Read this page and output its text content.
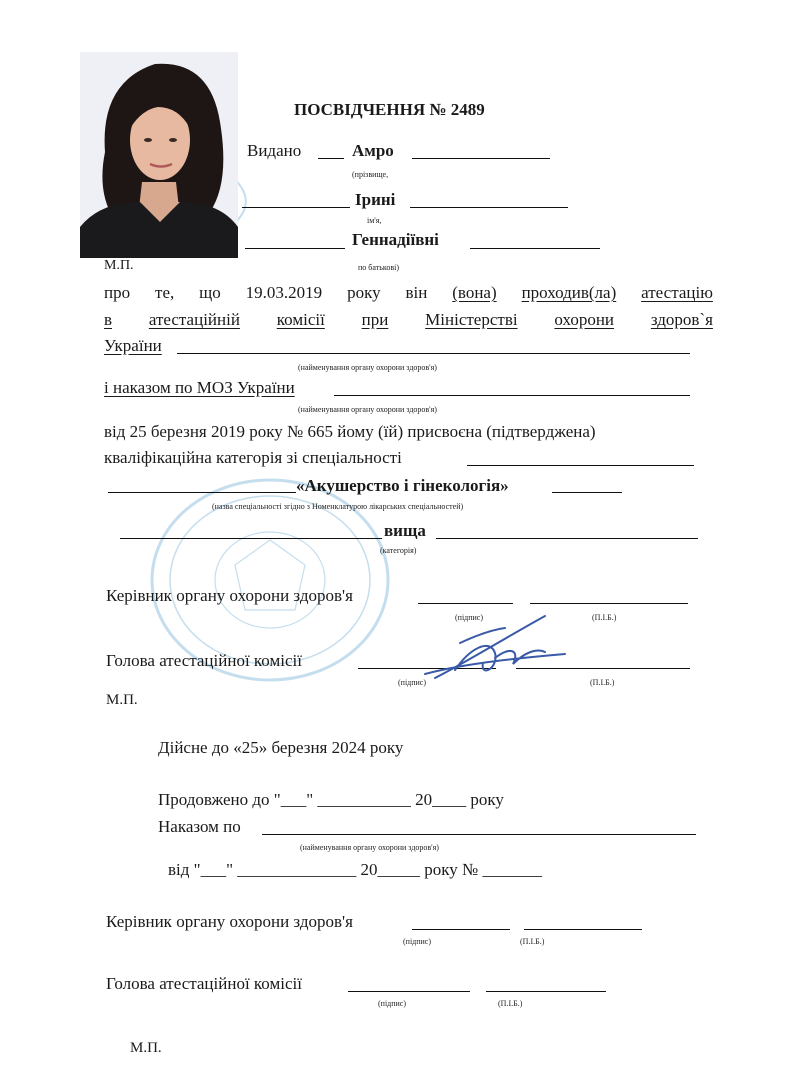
ПОСВІДЧЕННЯ № 2489
Видано	Амро
(прізвище,
Ірині
ім'я,
Геннадіївні
по батькові)
М.П.
про те, що 19.03.2019 року він (вона) проходив(ла) атестацію
в атестаційній комісії при Міністерстві охорони здоров`я
України
(найменування органу охорони здоров'я)
і наказом по МОЗ України
(найменування органу охорони здоров'я)
від 25 березня 2019 року № 665 йому (їй) присвоєна (підтверджена)
кваліфікаційна категорія зі спеціальності
«Акушерство і гінекологія»
(назва спеціальності згідно з Номенклатурою лікарських спеціальностей)
вища
(категорія)
Керівник органу охорони здоров'я
(підпис)	(П.І.Б.)
Голова атестаційної комісії
(підпис)	(П.І.Б.)
М.П.
Дійсне до «25» березня 2024 року
Продовжено до "___" ___________ 20____ року
Наказом по
(найменування органу охорони здоров'я)
від "___" ______________ 20_____ року № _______
Керівник органу охорони здоров'я
(підпис)	(П.І.Б.)
Голова атестаційної комісії
(підпис)	(П.І.Б.)
М.П.
